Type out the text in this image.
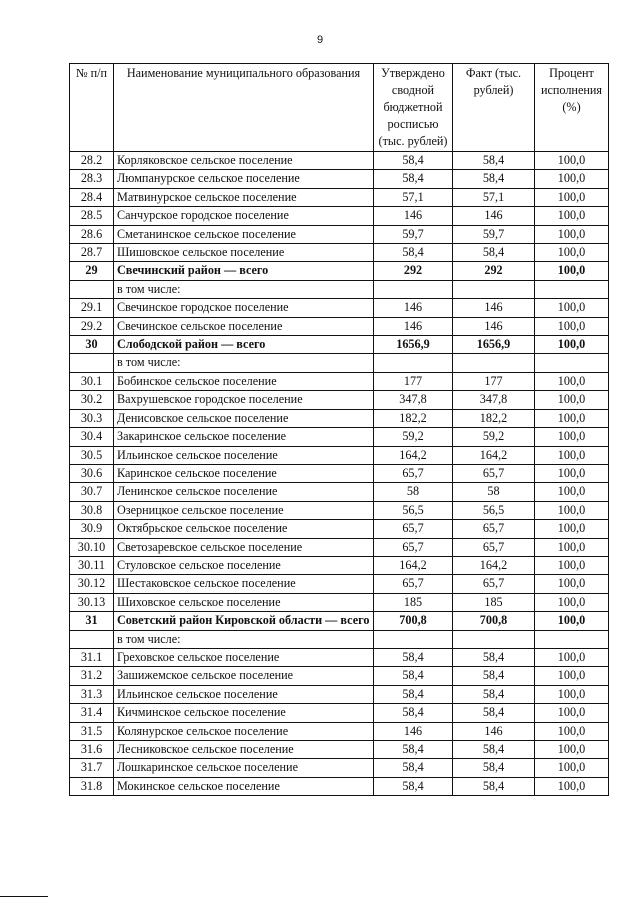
9
№ п/п	Наименование муниципального образования	Утверждено сводной бюджетной росписью (тыс. рублей)	Факт (тыс. рублей)	Процент исполнения (%)
28.2	Корляковское сельское поселение	58,4	58,4	100,0
28.3	Люмпанурское сельское поселение	58,4	58,4	100,0
28.4	Матвинурское сельское поселение	57,1	57,1	100,0
28.5	Санчурское городское поселение	146	146	100,0
28.6	Сметанинское сельское поселение	59,7	59,7	100,0
28.7	Шишовское сельское поселение	58,4	58,4	100,0
29	Свечинский район — всего	292	292	100,0
	в том числе:			
29.1	Свечинское городское поселение	146	146	100,0
29.2	Свечинское сельское поселение	146	146	100,0
30	Слободской район — всего	1656,9	1656,9	100,0
	в том числе:			
30.1	Бобинское сельское поселение	177	177	100,0
30.2	Вахрушевское городское поселение	347,8	347,8	100,0
30.3	Денисовское сельское поселение	182,2	182,2	100,0
30.4	Закаринское сельское поселение	59,2	59,2	100,0
30.5	Ильинское сельское поселение	164,2	164,2	100,0
30.6	Каринское сельское поселение	65,7	65,7	100,0
30.7	Ленинское сельское поселение	58	58	100,0
30.8	Озерницкое сельское поселение	56,5	56,5	100,0
30.9	Октябрьское сельское поселение	65,7	65,7	100,0
30.10	Светозаревское сельское поселение	65,7	65,7	100,0
30.11	Стуловское сельское поселение	164,2	164,2	100,0
30.12	Шестаковское сельское поселение	65,7	65,7	100,0
30.13	Шиховское сельское поселение	185	185	100,0
31	Советский район Кировской области — всего	700,8	700,8	100,0
	в том числе:			
31.1	Греховское сельское поселение	58,4	58,4	100,0
31.2	Зашижемское сельское поселение	58,4	58,4	100,0
31.3	Ильинское сельское поселение	58,4	58,4	100,0
31.4	Кичминское сельское поселение	58,4	58,4	100,0
31.5	Колянурское сельское поселение	146	146	100,0
31.6	Лесниковское сельское поселение	58,4	58,4	100,0
31.7	Лошкаринское сельское поселение	58,4	58,4	100,0
31.8	Мокинское сельское поселение	58,4	58,4	100,0
